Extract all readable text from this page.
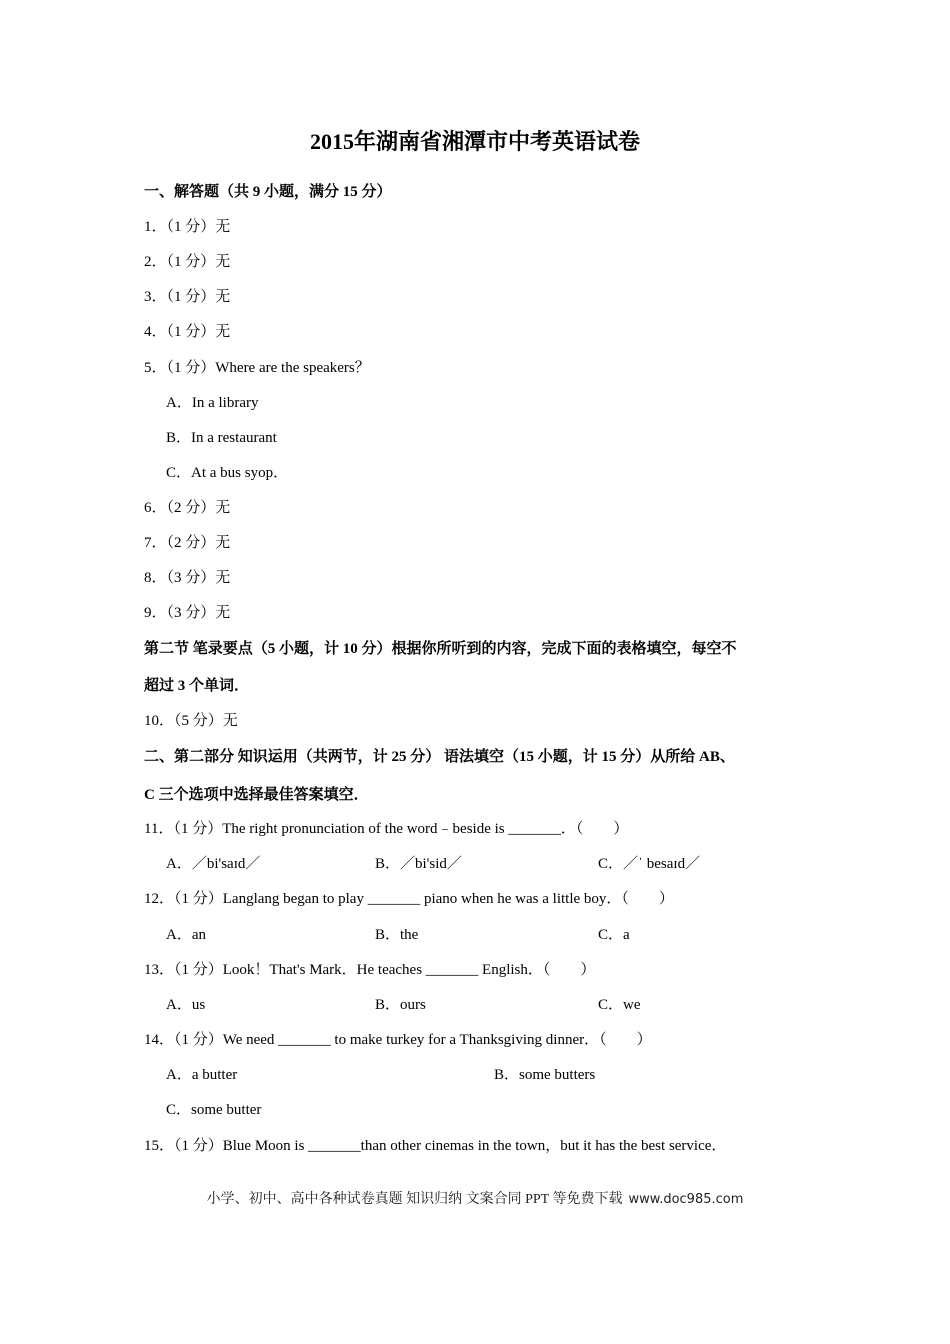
2015年湖南省湘潭市中考英语试卷
一、解答题（共 9 小题，满分 15 分）
1．（1 分）无
2．（1 分）无
3．（1 分）无
4．（1 分）无
5．（1 分）Where are the speakers？
A．In a library
B．In a restaurant
C．At a bus syop．
6．（2 分）无
7．（2 分）无
8．（3 分）无
9．（3 分）无
第二节 笔录要点（5 小题，计 10 分）根据你所听到的内容，完成下面的表格填空，每空不
超过 3 个单词．
10．（5 分）无
二、第二部分 知识运用（共两节，计 25 分） 语法填空（15 小题，计 15 分）从所给 AB、
C 三个选项中选择最佳答案填空．
11．（1 分）The right pronunciation of the word﹣beside is _______．（　　）
A．／bi'saɪd／	B．／bi'sid／	C．／ˈ besaɪd／
12．（1 分）Langlang began to play _______ piano when he was a little boy．（　　）
A．an	B．the	C．a
13．（1 分）Look！That's Mark．He teaches _______ English．（　　）
A．us	B．ours	C．we
14．（1 分）We need _______ to make turkey for a Thanksgiving dinner．（　　）
A．a butter	B．some butters
C．some butter
15．（1 分）Blue Moon is _______than other cinemas in the town，but it has the best service．
小学、初中、高中各种试卷真题 知识归纳 文案合同 PPT 等免费下载 www.doc985.com
